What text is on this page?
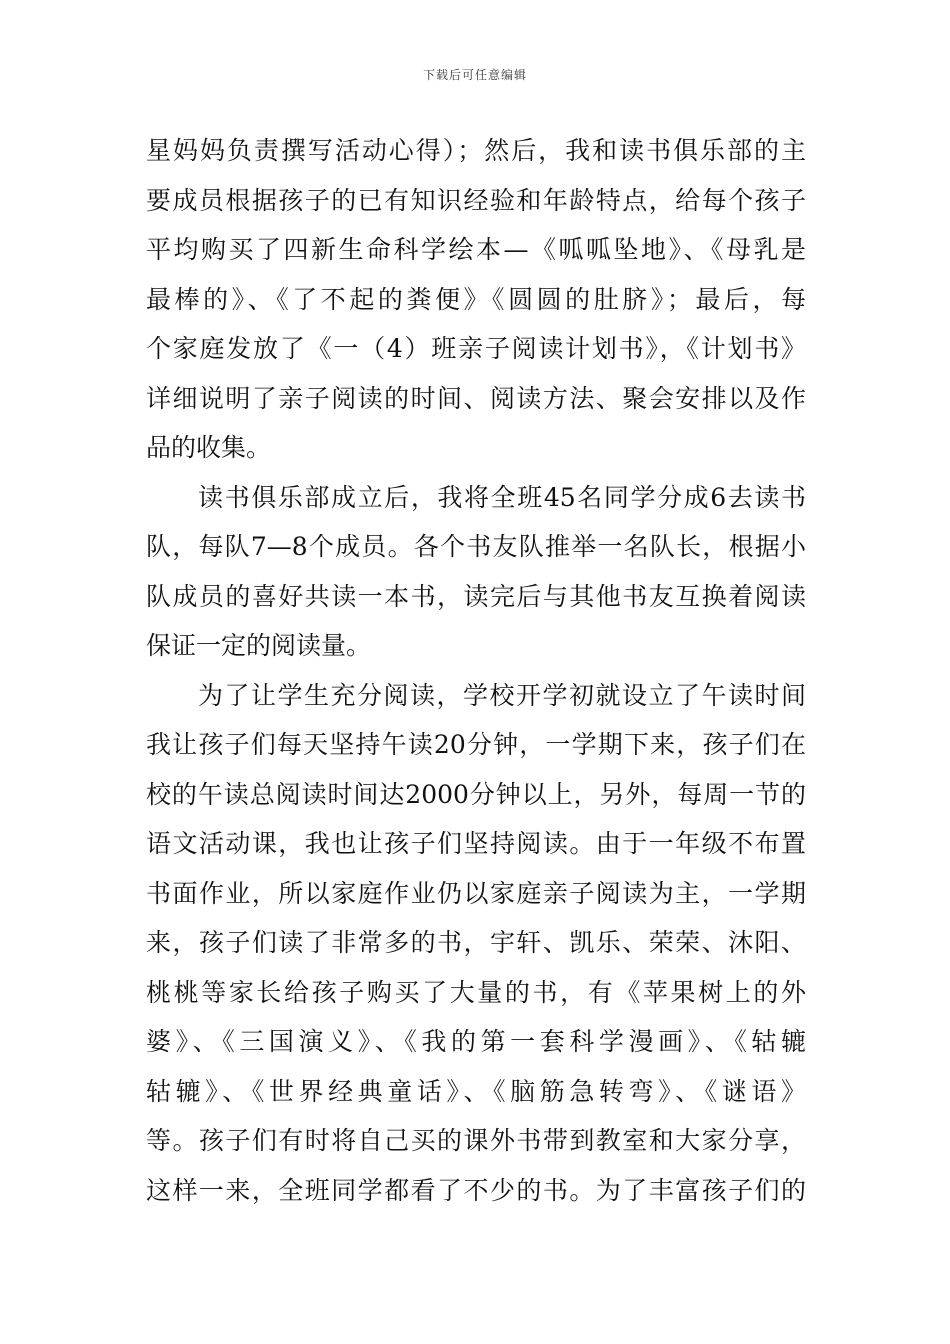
下载后可任意编辑
星妈妈负责撰写活动心得）；然后，我和读书俱乐部的主
要成员根据孩子的已有知识经验和年龄特点，给每个孩子
平均购买了四新生命科学绘本—《呱呱坠地》、《母乳是
最棒的》、《了不起的粪便》《圆圆的肚脐》；最后，每
个家庭发放了《一（4）班亲子阅读计划书》，《计划书》
详细说明了亲子阅读的时间、阅读方法、聚会安排以及作
品的收集。
读书俱乐部成立后，我将全班45名同学分成6去读书
队，每队7—8个成员。各个书友队推举一名队长，根据小
队成员的喜好共读一本书，读完后与其他书友互换着阅读
保证一定的阅读量。
为了让学生充分阅读，学校开学初就设立了午读时间
我让孩子们每天坚持午读20分钟，一学期下来，孩子们在
校的午读总阅读时间达2000分钟以上，另外，每周一节的
语文活动课，我也让孩子们坚持阅读。由于一年级不布置
书面作业，所以家庭作业仍以家庭亲子阅读为主，一学期
来，孩子们读了非常多的书，宇轩、凯乐、荣荣、沐阳、
桃桃等家长给孩子购买了大量的书，有《苹果树上的外
婆》、《三国演义》、《我的第一套科学漫画》、《轱辘
轱辘》、《世界经典童话》、《脑筋急转弯》、《谜语》
等。孩子们有时将自己买的课外书带到教室和大家分享，
这样一来，全班同学都看了不少的书。为了丰富孩子们的
